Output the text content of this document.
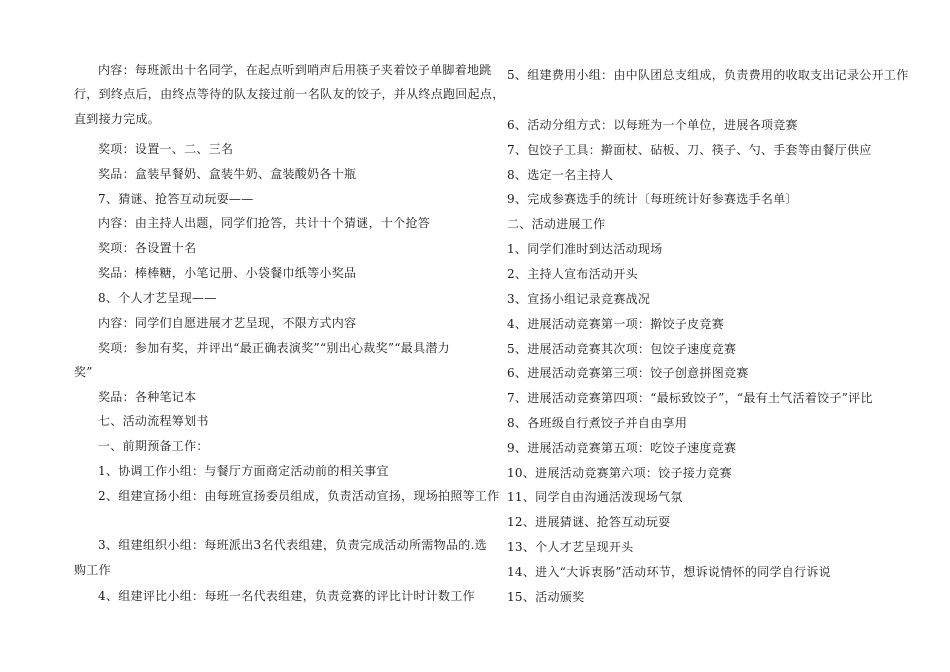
内容：每班派出十名同学，在起点听到哨声后用筷子夹着饺子单脚着地跳
行，到终点后，由终点等待的队友接过前一名队友的饺子，并从终点跑回起点，
直到接力完成。
奖项：设置一、二、三名
奖品：盒装早餐奶、盒装牛奶、盒装酸奶各十瓶
7、猜谜、抢答互动玩耍——
内容：由主持人出题，同学们抢答，共计十个猜谜，十个抢答
奖项：各设置十名
奖品：棒棒糖，小笔记册、小袋餐巾纸等小奖品
8、个人才艺呈现——
内容：同学们自愿进展才艺呈现，不限方式内容
奖项：参加有奖，并评出“最正确表演奖”“别出心裁奖”“最具潜力
奖”
奖品：各种笔记本
七、活动流程筹划书
一、前期预备工作：
1、协调工作小组：与餐厅方面商定活动前的相关事宜
2、组建宣扬小组：由每班宣扬委员组成，负责活动宣扬，现场拍照等工作
3、组建组织小组：每班派出3名代表组建，负责完成活动所需物品的.选
购工作
4、组建评比小组：每班一名代表组建，负责竞赛的评比计时计数工作
5、组建费用小组：由中队团总支组成，负责费用的收取支出记录公开工作
6、活动分组方式：以每班为一个单位，进展各项竞赛
7、包饺子工具：擀面杖、砧板、刀、筷子、勺、手套等由餐厅供应
8、选定一名主持人
9、完成参赛选手的统计〔每班统计好参赛选手名单〕
二、活动进展工作
1、同学们准时到达活动现场
2、主持人宣布活动开头
3、宣扬小组记录竞赛战况
4、进展活动竞赛第一项：擀饺子皮竞赛
5、进展活动竞赛其次项：包饺子速度竞赛
6、进展活动竞赛第三项：饺子创意拼图竞赛
7、进展活动竞赛第四项：“最标致饺子”，“最有土气活着饺子”评比
8、各班级自行煮饺子并自由享用
9、进展活动竞赛第五项：吃饺子速度竞赛
10、进展活动竞赛第六项：饺子接力竞赛
11、同学自由沟通活泼现场气氛
12、进展猜谜、抢答互动玩耍
13、个人才艺呈现开头
14、进入“大诉衷肠”活动环节，想诉说情怀的同学自行诉说
15、活动颁奖
